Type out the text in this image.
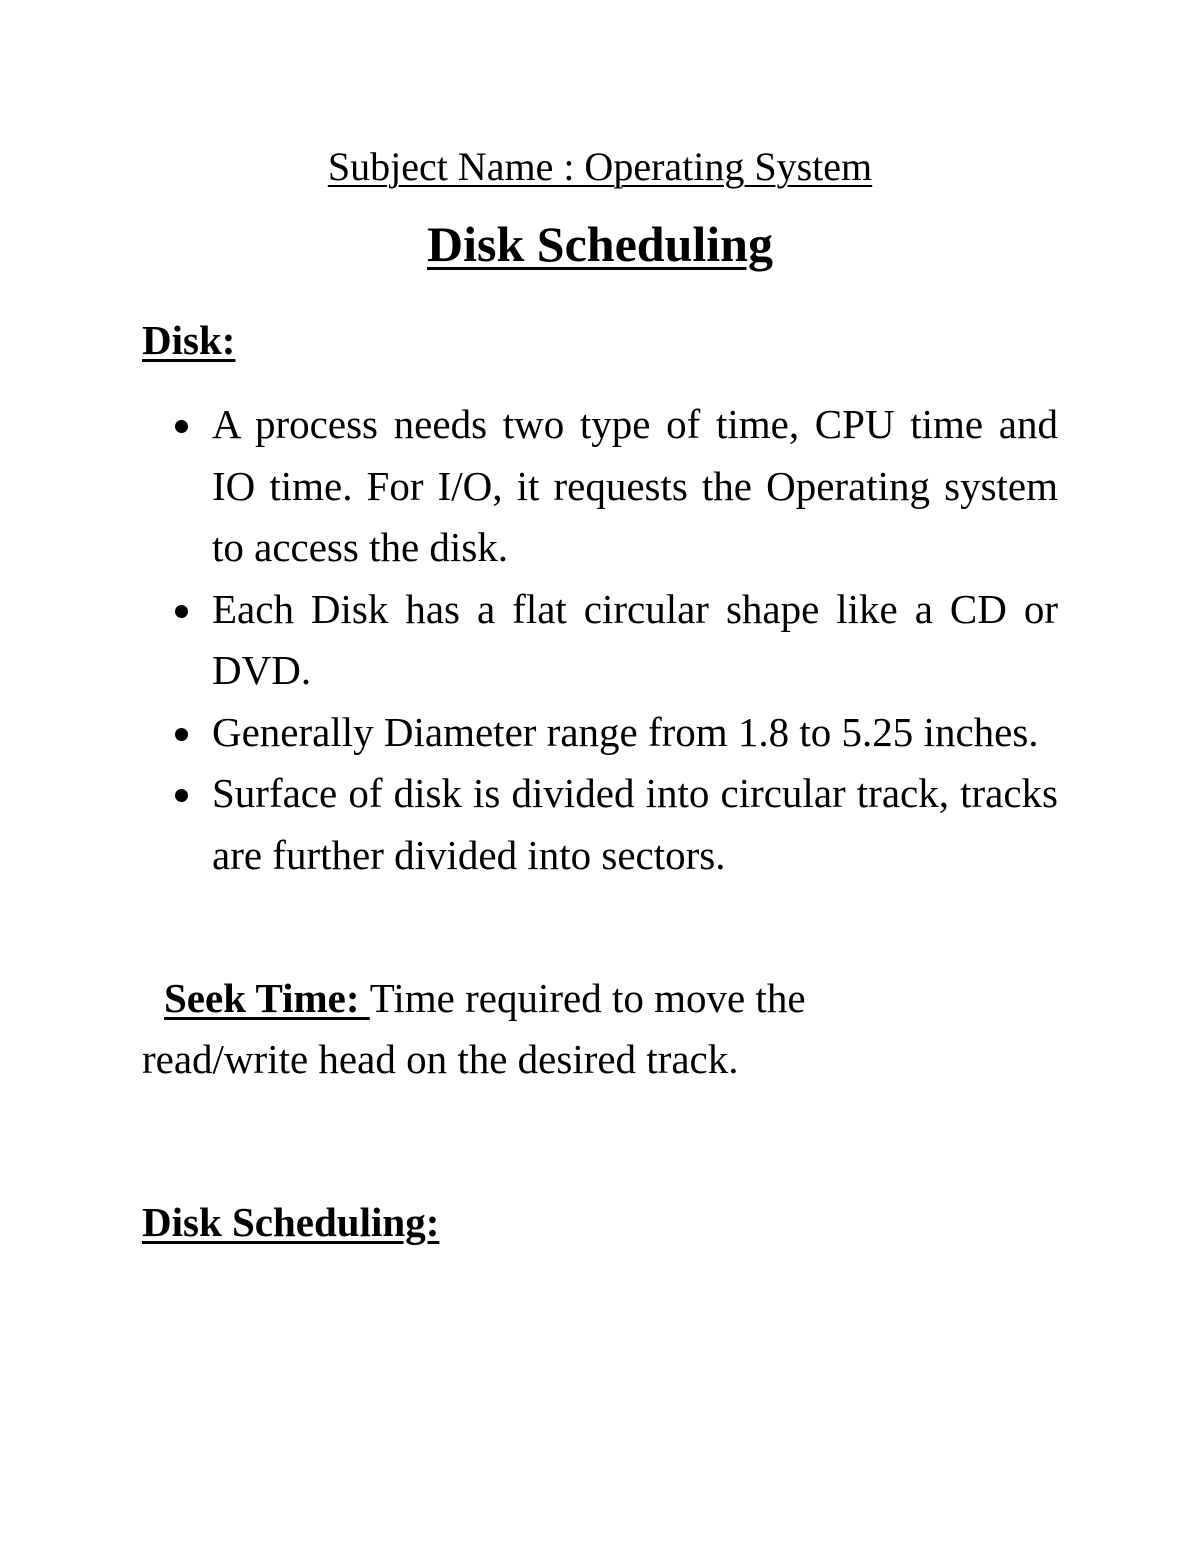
Subject Name : Operating System
Disk Scheduling
Disk:
A process needs two type of time, CPU time and IO time. For I/O, it requests the Operating system to access the disk.
Each Disk has a flat circular shape like a CD or DVD.
Generally Diameter range from 1.8 to 5.25 inches.
Surface of disk is divided into circular track, tracks are further divided into sectors.

Seek Time: Time required to move the read/write head on the desired track.

Disk Scheduling:
